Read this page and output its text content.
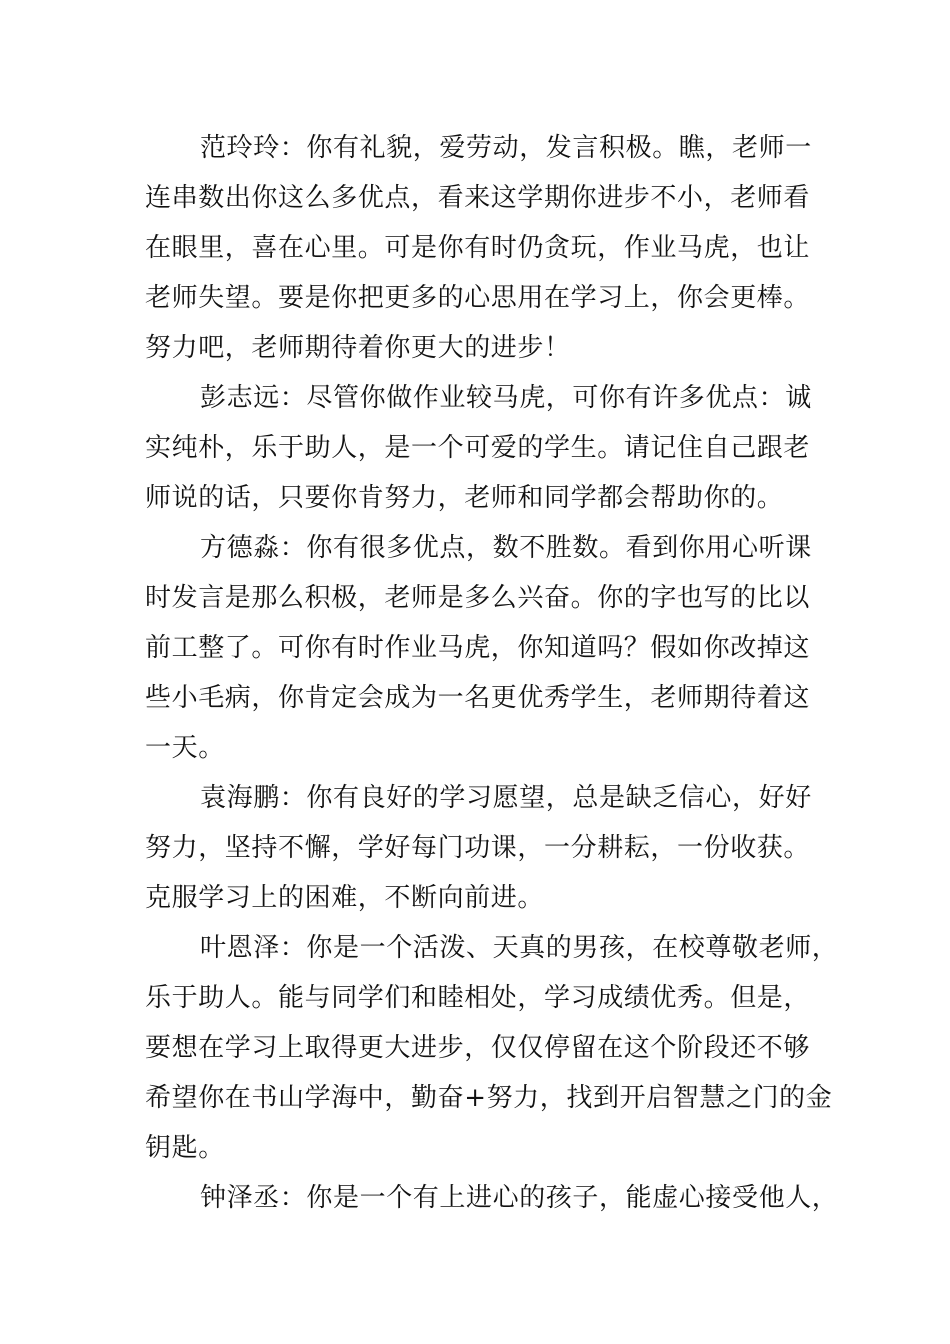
范玲玲：你有礼貌，爱劳动，发言积极。瞧，老师一
连串数出你这么多优点，看来这学期你进步不小，老师看
在眼里，喜在心里。可是你有时仍贪玩，作业马虎，也让
老师失望。要是你把更多的心思用在学习上，你会更棒。
努力吧，老师期待着你更大的进步！
彭志远：尽管你做作业较马虎，可你有许多优点：诚
实纯朴，乐于助人，是一个可爱的学生。请记住自己跟老
师说的话，只要你肯努力，老师和同学都会帮助你的。
方德淼：你有很多优点，数不胜数。看到你用心听课
时发言是那么积极，老师是多么兴奋。你的字也写的比以
前工整了。可你有时作业马虎，你知道吗？假如你改掉这
些小毛病，你肯定会成为一名更优秀学生，老师期待着这
一天。
袁海鹏：你有良好的学习愿望，总是缺乏信心，好好
努力，坚持不懈，学好每门功课，一分耕耘，一份收获。
克服学习上的困难，不断向前进。
叶恩泽：你是一个活泼、天真的男孩，在校尊敬老师，
乐于助人。能与同学们和睦相处，学习成绩优秀。但是，
要想在学习上取得更大进步，仅仅停留在这个阶段还不够
希望你在书山学海中，勤奋+努力，找到开启智慧之门的金
钥匙。
钟泽丞：你是一个有上进心的孩子，能虚心接受他人，
